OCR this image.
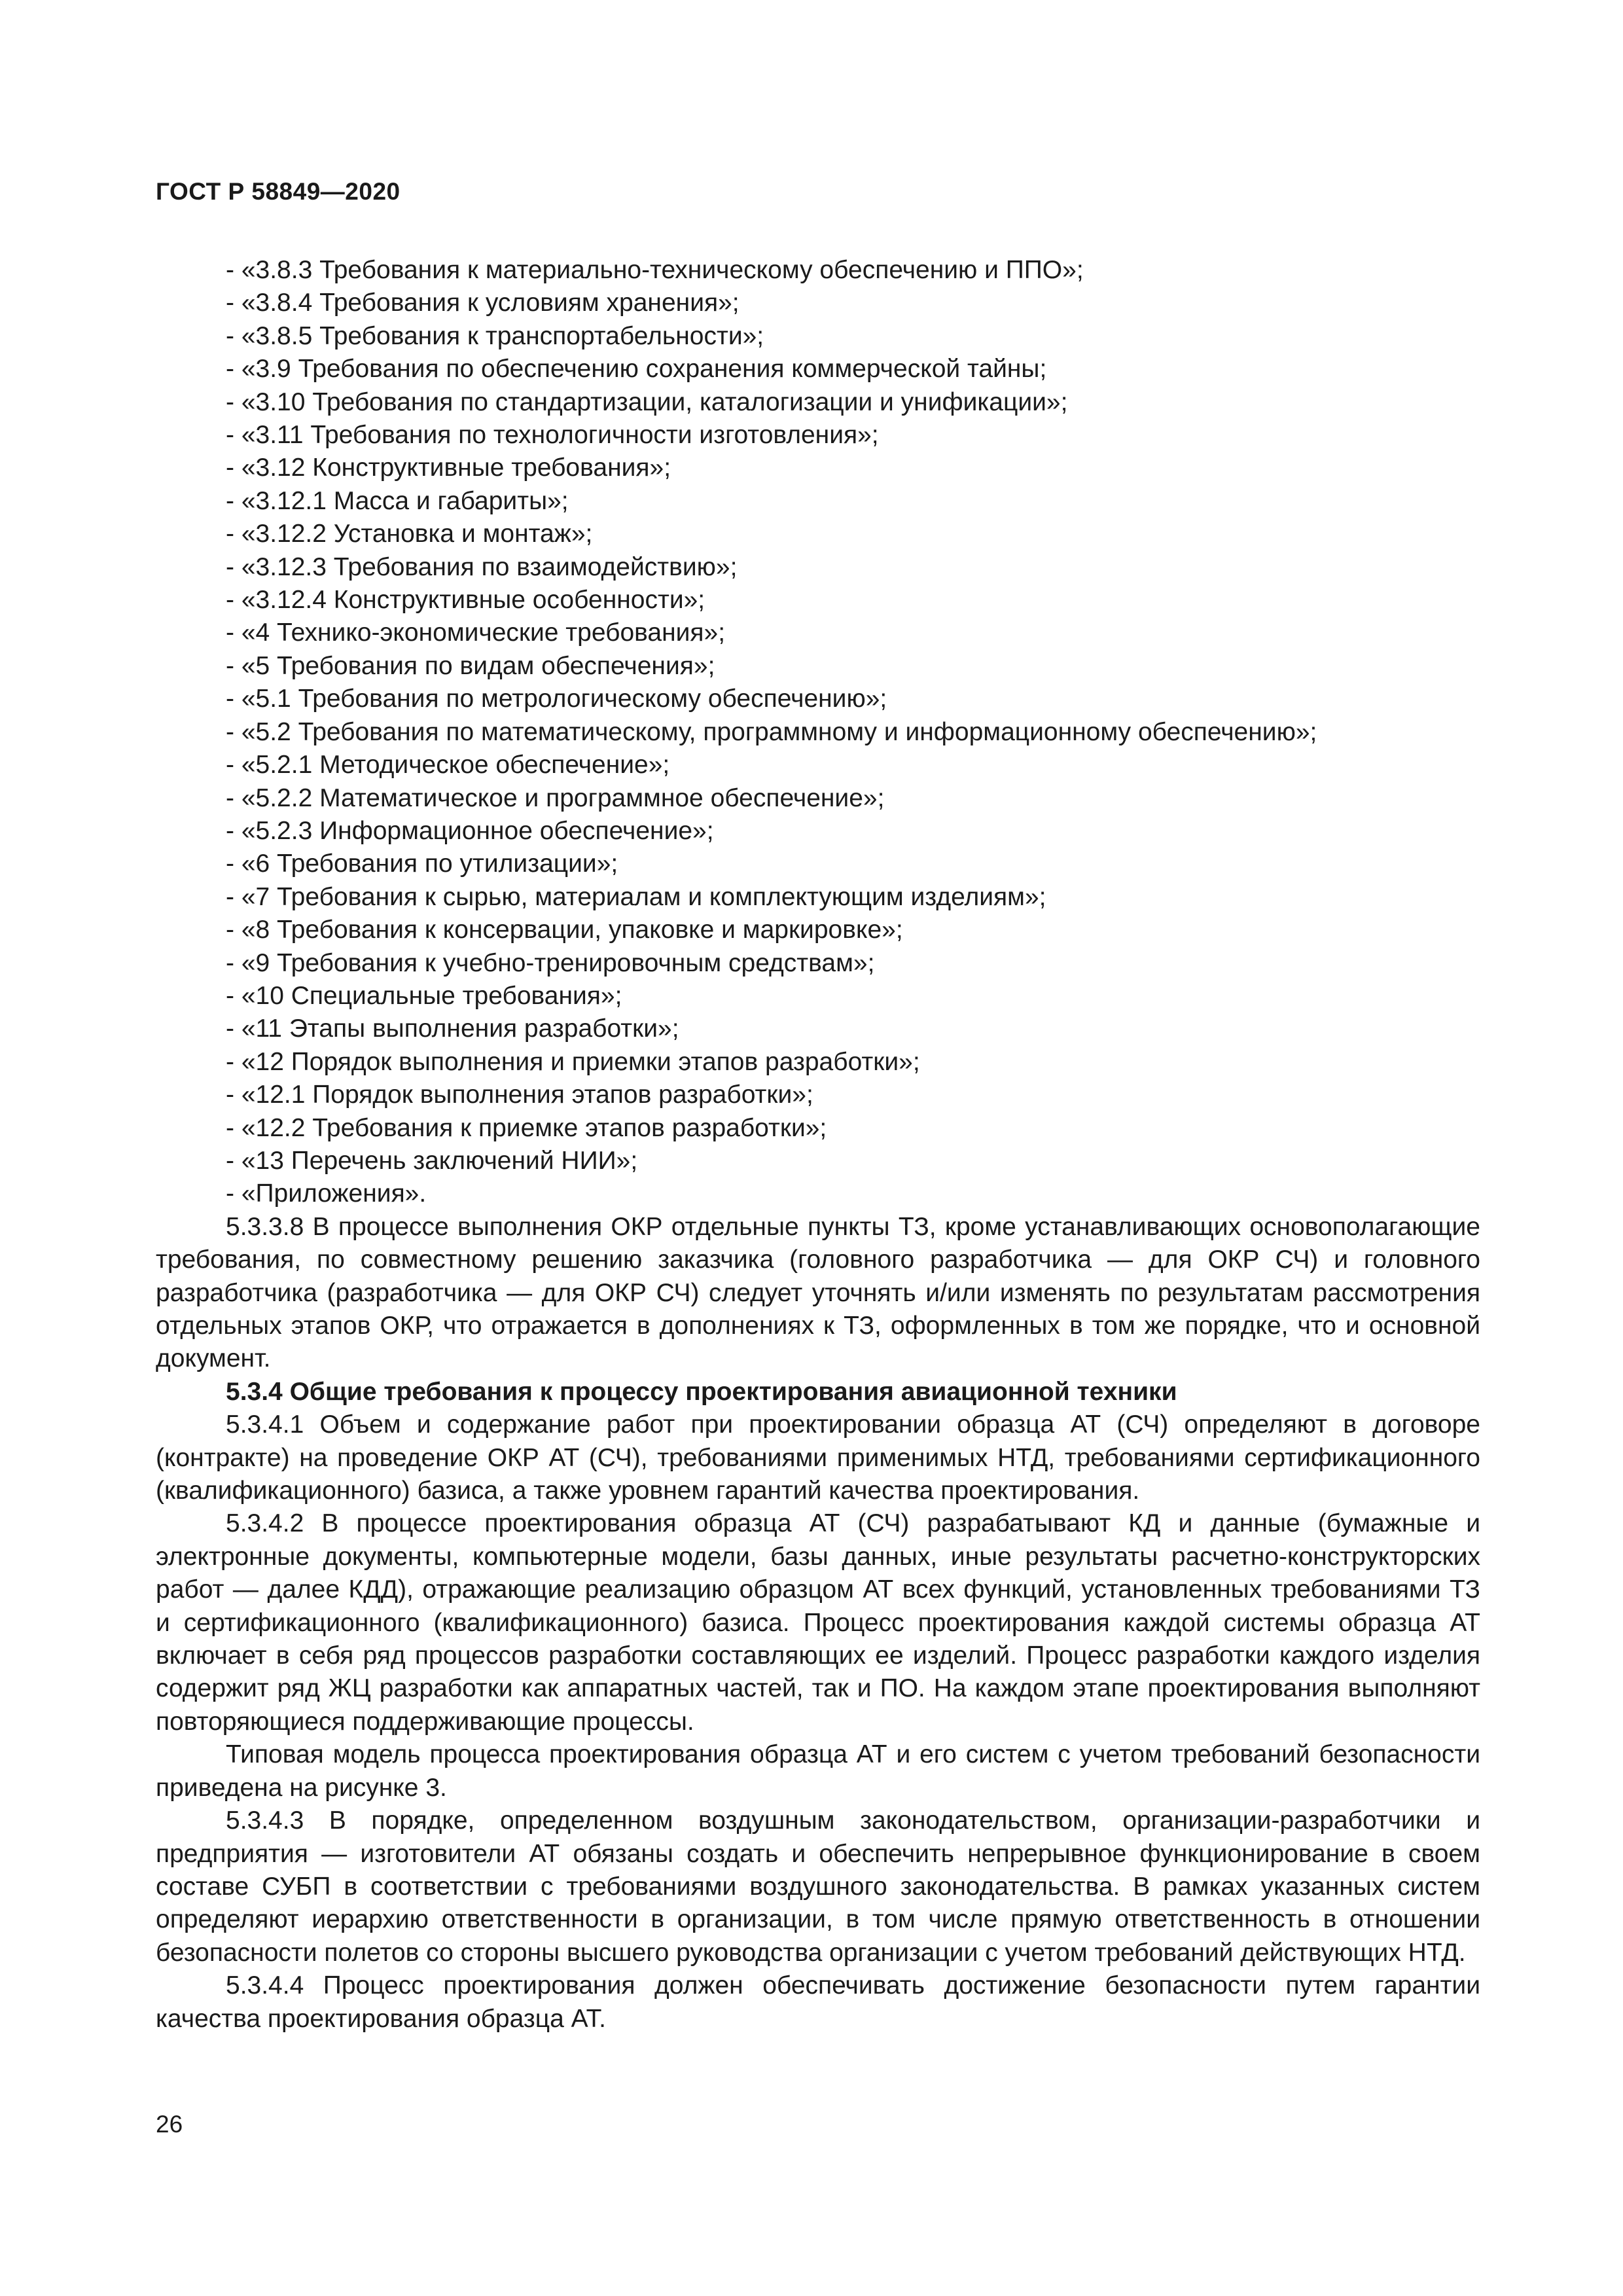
ГОСТ Р 58849—2020
- «3.8.3 Требования к материально-техническому обеспечению и ППО»;
- «3.8.4 Требования к условиям хранения»;
- «3.8.5 Требования к транспортабельности»;
- «3.9 Требования по обеспечению сохранения коммерческой тайны;
- «3.10 Требования по стандартизации, каталогизации и унификации»;
- «3.11 Требования по технологичности изготовления»;
- «3.12 Конструктивные требования»;
- «3.12.1 Масса и габариты»;
- «3.12.2 Установка и монтаж»;
- «3.12.3 Требования по взаимодействию»;
- «3.12.4 Конструктивные особенности»;
- «4 Технико-экономические требования»;
- «5 Требования по видам обеспечения»;
- «5.1 Требования по метрологическому обеспечению»;
- «5.2 Требования по математическому, программному и информационному обеспечению»;
- «5.2.1 Методическое обеспечение»;
- «5.2.2 Математическое и программное обеспечение»;
- «5.2.3 Информационное обеспечение»;
- «6 Требования по утилизации»;
- «7 Требования к сырью, материалам и комплектующим изделиям»;
- «8 Требования к консервации, упаковке и маркировке»;
- «9 Требования к учебно-тренировочным средствам»;
- «10 Специальные требования»;
- «11 Этапы выполнения разработки»;
- «12 Порядок выполнения и приемки этапов разработки»;
- «12.1 Порядок выполнения этапов разработки»;
- «12.2 Требования к приемке этапов разработки»;
- «13 Перечень заключений НИИ»;
- «Приложения».

5.3.3.8 В процессе выполнения ОКР отдельные пункты ТЗ, кроме устанавливающих основополагающие требования, по совместному решению заказчика (головного разработчика — для ОКР СЧ) и головного разработчика (разработчика — для ОКР СЧ) следует уточнять и/или изменять по результатам рассмотрения отдельных этапов ОКР, что отражается в дополнениях к ТЗ, оформленных в том же порядке, что и основной документ.

5.3.4 Общие требования к процессу проектирования авиационной техники

5.3.4.1 Объем и содержание работ при проектировании образца АТ (СЧ) определяют в договоре (контракте) на проведение ОКР АТ (СЧ), требованиями применимых НТД, требованиями сертификационного (квалификационного) базиса, а также уровнем гарантий качества проектирования.

5.3.4.2 В процессе проектирования образца АТ (СЧ) разрабатывают КД и данные (бумажные и электронные документы, компьютерные модели, базы данных, иные результаты расчетно-конструкторских работ — далее КДД), отражающие реализацию образцом АТ всех функций, установленных требованиями ТЗ и сертификационного (квалификационного) базиса. Процесс проектирования каждой системы образца АТ включает в себя ряд процессов разработки составляющих ее изделий. Процесс разработки каждого изделия содержит ряд ЖЦ разработки как аппаратных частей, так и ПО. На каждом этапе проектирования выполняют повторяющиеся поддерживающие процессы.

Типовая модель процесса проектирования образца АТ и его систем с учетом требований безопасности приведена на рисунке 3.

5.3.4.3 В порядке, определенном воздушным законодательством, организации-разработчики и предприятия — изготовители АТ обязаны создать и обеспечить непрерывное функционирование в своем составе СУБП в соответствии с требованиями воздушного законодательства. В рамках указанных систем определяют иерархию ответственности в организации, в том числе прямую ответственность в отношении безопасности полетов со стороны высшего руководства организации с учетом требований действующих НТД.

5.3.4.4 Процесс проектирования должен обеспечивать достижение безопасности путем гарантии качества проектирования образца АТ.

26
